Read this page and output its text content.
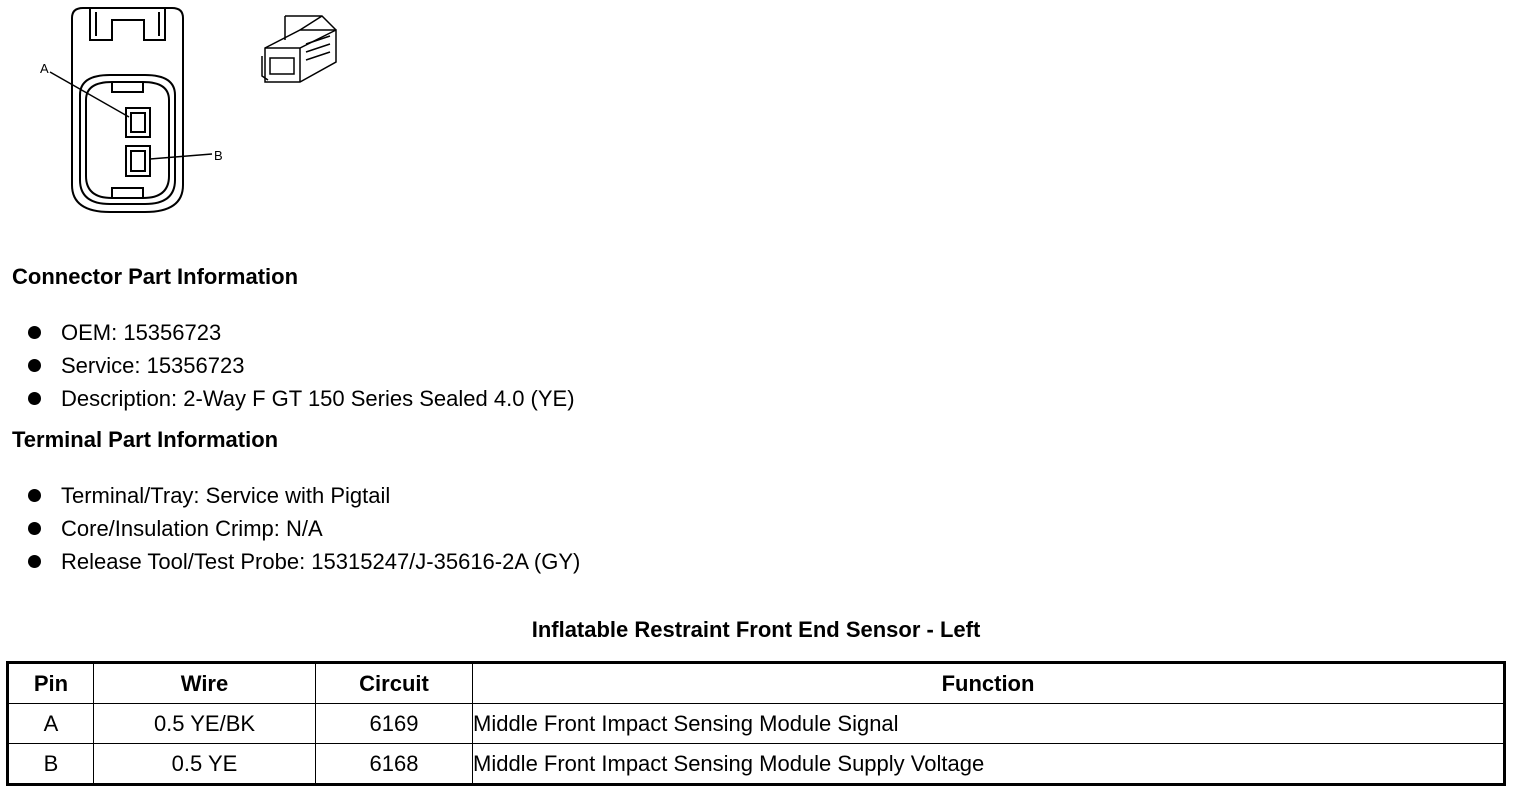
A
B
Connector Part Information
OEM: 15356723
Service: 15356723
Description: 2-Way F GT 150 Series Sealed 4.0 (YE)
Terminal Part Information
Terminal/Tray: Service with Pigtail
Core/Insulation Crimp: N/A
Release Tool/Test Probe: 15315247/J-35616-2A (GY)
Inflatable Restraint Front End Sensor - Left
Pin	Wire	Circuit	Function
A	0.5 YE/BK	6169	Middle Front Impact Sensing Module Signal
B	0.5 YE	6168	Middle Front Impact Sensing Module Supply Voltage
